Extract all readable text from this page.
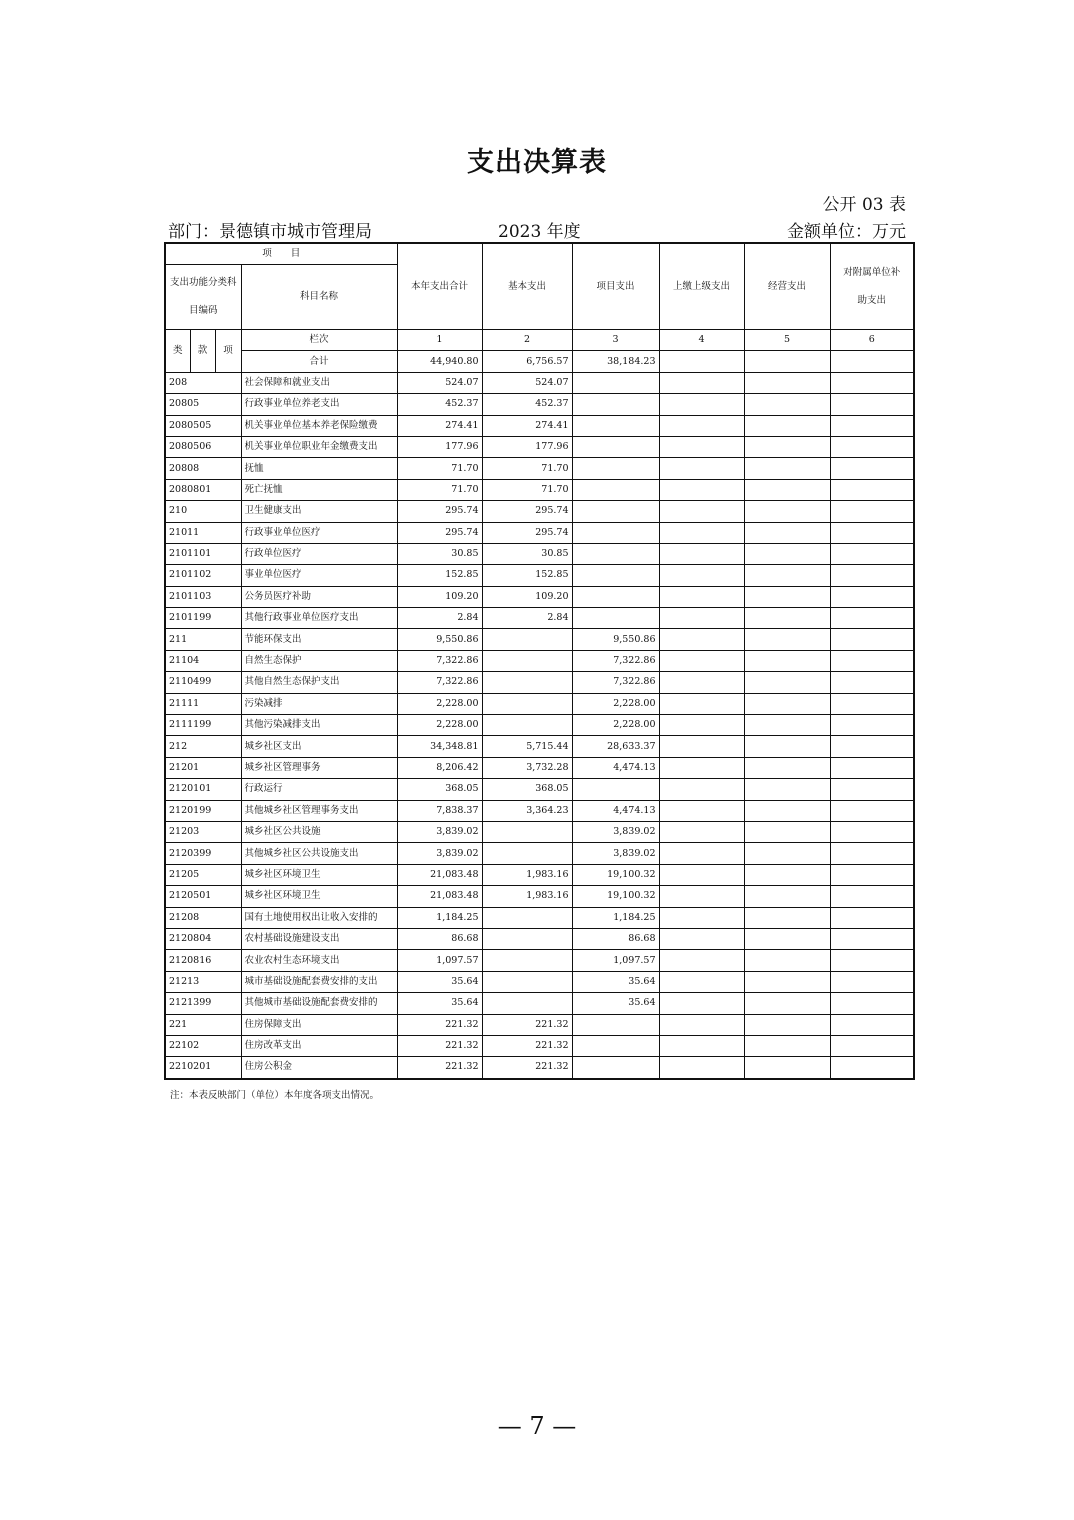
支出决算表
公开 03 表
部门：景德镇市城市管理局	2023 年度	金额单位：万元
项　　目				本年支出合计	基本支出	项目支出	上缴上级支出	经营支出	对附属单位补助支出
支出功能分类科目编码			科目名称						
类	款	项	栏次	1	2	3	4	5	6
			合计	44,940.80	6,756.57	38,184.23			
208			社会保障和就业支出	524.07	524.07				
20805			行政事业单位养老支出	452.37	452.37				
2080505			机关事业单位基本养老保险缴费	274.41	274.41				
2080506			机关事业单位职业年金缴费支出	177.96	177.96				
20808			抚恤	71.70	71.70				
2080801			死亡抚恤	71.70	71.70				
210			卫生健康支出	295.74	295.74				
21011			行政事业单位医疗	295.74	295.74				
2101101			行政单位医疗	30.85	30.85				
2101102			事业单位医疗	152.85	152.85				
2101103			公务员医疗补助	109.20	109.20				
2101199			其他行政事业单位医疗支出	2.84	2.84				
211			节能环保支出	9,550.86		9,550.86			
21104			自然生态保护	7,322.86		7,322.86			
2110499			其他自然生态保护支出	7,322.86		7,322.86			
21111			污染减排	2,228.00		2,228.00			
2111199			其他污染减排支出	2,228.00		2,228.00			
212			城乡社区支出	34,348.81	5,715.44	28,633.37			
21201			城乡社区管理事务	8,206.42	3,732.28	4,474.13			
2120101			行政运行	368.05	368.05				
2120199			其他城乡社区管理事务支出	7,838.37	3,364.23	4,474.13			
21203			城乡社区公共设施	3,839.02		3,839.02			
2120399			其他城乡社区公共设施支出	3,839.02		3,839.02			
21205			城乡社区环境卫生	21,083.48	1,983.16	19,100.32			
2120501			城乡社区环境卫生	21,083.48	1,983.16	19,100.32			
21208			国有土地使用权出让收入安排的	1,184.25		1,184.25			
2120804			农村基础设施建设支出	86.68		86.68			
2120816			农业农村生态环境支出	1,097.57		1,097.57			
21213			城市基础设施配套费安排的支出	35.64		35.64			
2121399			其他城市基础设施配套费安排的	35.64		35.64			
221			住房保障支出	221.32	221.32				
22102			住房改革支出	221.32	221.32				
2210201			住房公积金	221.32	221.32				
注：本表反映部门（单位）本年度各项支出情况。
— 7 —
